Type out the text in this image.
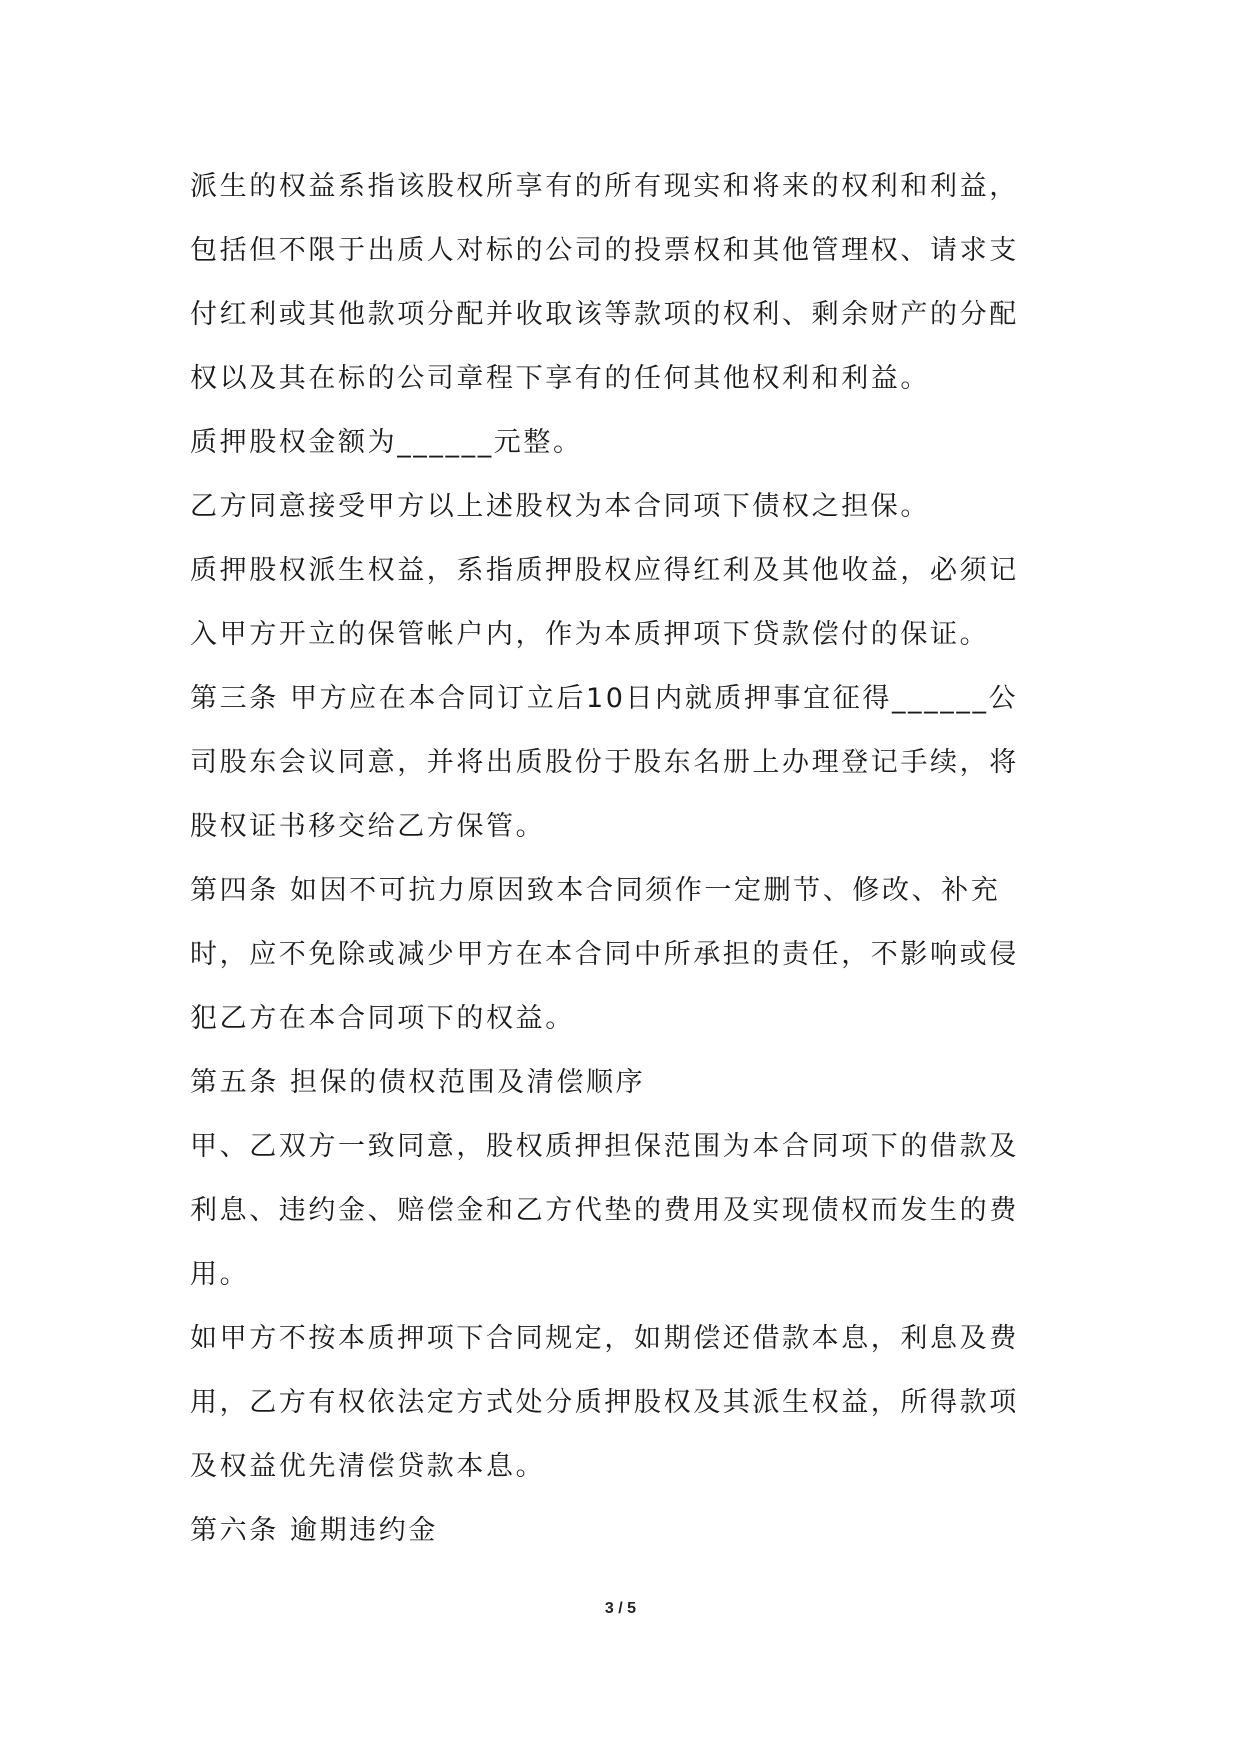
派生的权益系指该股权所享有的所有现实和将来的权利和利益，
包括但不限于出质人对标的公司的投票权和其他管理权、请求支
付红利或其他款项分配并收取该等款项的权利、剩余财产的分配
权以及其在标的公司章程下享有的任何其他权利和利益。
质押股权金额为______元整。
乙方同意接受甲方以上述股权为本合同项下债权之担保。
质押股权派生权益，系指质押股权应得红利及其他收益，必须记
入甲方开立的保管帐户内，作为本质押项下贷款偿付的保证。
第三条 甲方应在本合同订立后10日内就质押事宜征得______公
司股东会议同意，并将出质股份于股东名册上办理登记手续，将
股权证书移交给乙方保管。
第四条 如因不可抗力原因致本合同须作一定删节、修改、补充
时，应不免除或减少甲方在本合同中所承担的责任，不影响或侵
犯乙方在本合同项下的权益。
第五条 担保的债权范围及清偿顺序
甲、乙双方一致同意，股权质押担保范围为本合同项下的借款及
利息、违约金、赔偿金和乙方代垫的费用及实现债权而发生的费
用。
如甲方不按本质押项下合同规定，如期偿还借款本息，利息及费
用，乙方有权依法定方式处分质押股权及其派生权益，所得款项
及权益优先清偿贷款本息。
第六条 逾期违约金
3 / 5
